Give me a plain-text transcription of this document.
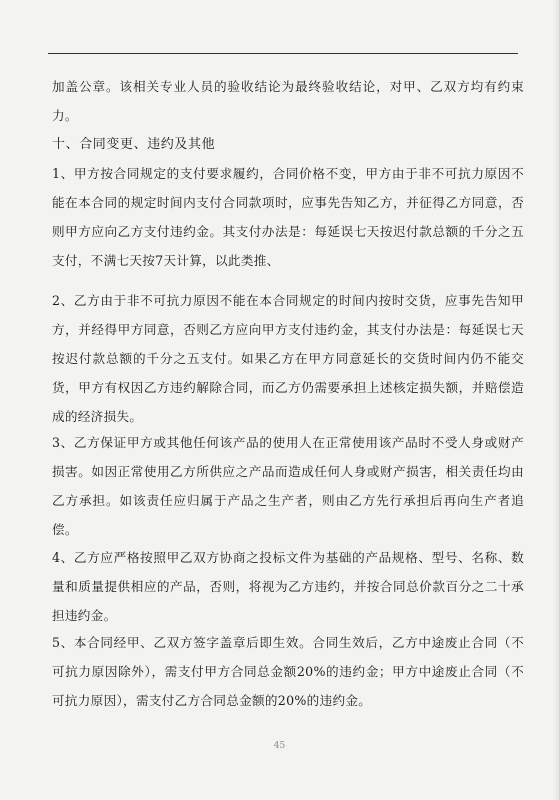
加盖公章。该相关专业人员的验收结论为最终验收结论，对甲、乙双方均有约束力。
十、合同变更、违约及其他
1、甲方按合同规定的支付要求履约，合同价格不变，甲方由于非不可抗力原因不能在本合同的规定时间内支付合同款项时，应事先告知乙方，并征得乙方同意，否则甲方应向乙方支付违约金。其支付办法是：每延误七天按迟付款总额的千分之五支付，不满七天按7天计算，以此类推、
2、乙方由于非不可抗力原因不能在本合同规定的时间内按时交货，应事先告知甲方，并经得甲方同意，否则乙方应向甲方支付违约金，其支付办法是：每延误七天按迟付款总额的千分之五支付。如果乙方在甲方同意延长的交货时间内仍不能交货，甲方有权因乙方违约解除合同，而乙方仍需要承担上述核定损失额，并赔偿造成的经济损失。
3、乙方保证甲方或其他任何该产品的使用人在正常使用该产品时不受人身或财产损害。如因正常使用乙方所供应之产品而造成任何人身或财产损害，相关责任均由乙方承担。如该责任应归属于产品之生产者，则由乙方先行承担后再向生产者追偿。
4、乙方应严格按照甲乙双方协商之投标文件为基础的产品规格、型号、名称、数量和质量提供相应的产品，否则，将视为乙方违约，并按合同总价款百分之二十承担违约金。
5、本合同经甲、乙双方签字盖章后即生效。合同生效后，乙方中途废止合同（不可抗力原因除外），需支付甲方合同总金额20%的违约金；甲方中途废止合同（不可抗力原因），需支付乙方合同总金额的20%的违约金。
45
